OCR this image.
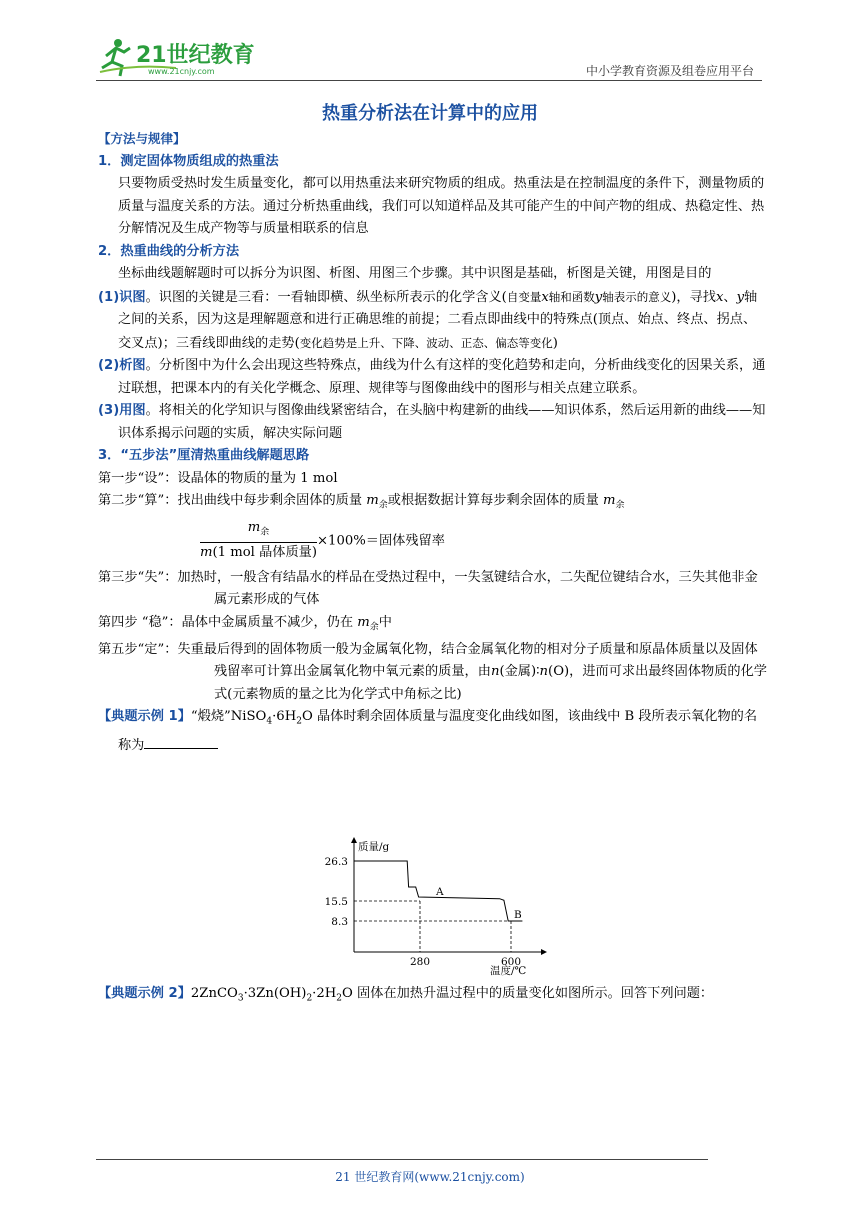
21世纪教育
www.21cnjy.com	中小学教育资源及组卷应用平台
热重分析法在计算中的应用

【方法与规律】

1．测定固体物质组成的热重法

只要物质受热时发生质量变化，都可以用热重法来研究物质的组成。热重法是在控制温度的条件下，测量物质的质量与温度关系的方法。通过分析热重曲线，我们可以知道样品及其可能产生的中间产物的组成、热稳定性、热分解情况及生成产物等与质量相联系的信息

2．热重曲线的分析方法

坐标曲线题解题时可以拆分为识图、析图、用图三个步骤。其中识图是基础，析图是关键，用图是目的

(1)识图。识图的关键是三看：一看轴即横、纵坐标所表示的化学含义(自变量x轴和函数y轴表示的意义)，寻找x、y轴之间的关系，因为这是理解题意和进行正确思维的前提；二看点即曲线中的特殊点(顶点、始点、终点、拐点、交叉点)；三看线即曲线的走势(变化趋势是上升、下降、波动、正态、偏态等变化)

(2)析图。分析图中为什么会出现这些特殊点，曲线为什么有这样的变化趋势和走向，分析曲线变化的因果关系，通过联想，把课本内的有关化学概念、原理、规律等与图像曲线中的图形与相关点建立联系。

(3)用图。将相关的化学知识与图像曲线紧密结合，在头脑中构建新的曲线——知识体系，然后运用新的曲线——知识体系揭示问题的实质，解决实际问题

3．“五步法”厘清热重曲线解题思路

第一步“设”：设晶体的物质的量为 1 mol

第二步“算”：找出曲线中每步剩余固体的质量 $m_余$或根据数据计算每步剩余固体的质量 $m_余$

$\frac{m_余}{\text{m(1 mol 晶体质量)}} \times 100\%=$固体残留率

第三步“失”：加热时，一般含有结晶水的样品在受热过程中，一失氢键结合水，二失配位键结合水，三失其他非金属元素形成的气体

第四步 “稳”：晶体中金属质量不减少，仍在 $m_余$中

第五步“定”：失重最后得到的固体物质一般为金属氧化物，结合金属氧化物的相对分子质量和原晶体质量以及固体残留率可计算出金属氧化物中氧元素的质量，由n(金属)∶n(O)，进而可求出最终固体物质的化学式(元素物质的量之比为化学式中角标之比)

【典题示例 1】“煅烧$”NiSO_4\cdot 6H_2O$ 晶体时剩余固体质量与温度变化曲线如图，该曲线中 B 段所表示氧化物的名称为

质量/g
温度/℃
26.3
15.5
8.3
280	600
A
B

【典题示例 2】$2ZnCO_3\cdot 3Zn(OH)_2\cdot 2H_2O$ 固体在加热升温过程中的质量变化如图所示。回答下列问题：

21 世纪教育网(www.21cnjy.com)
